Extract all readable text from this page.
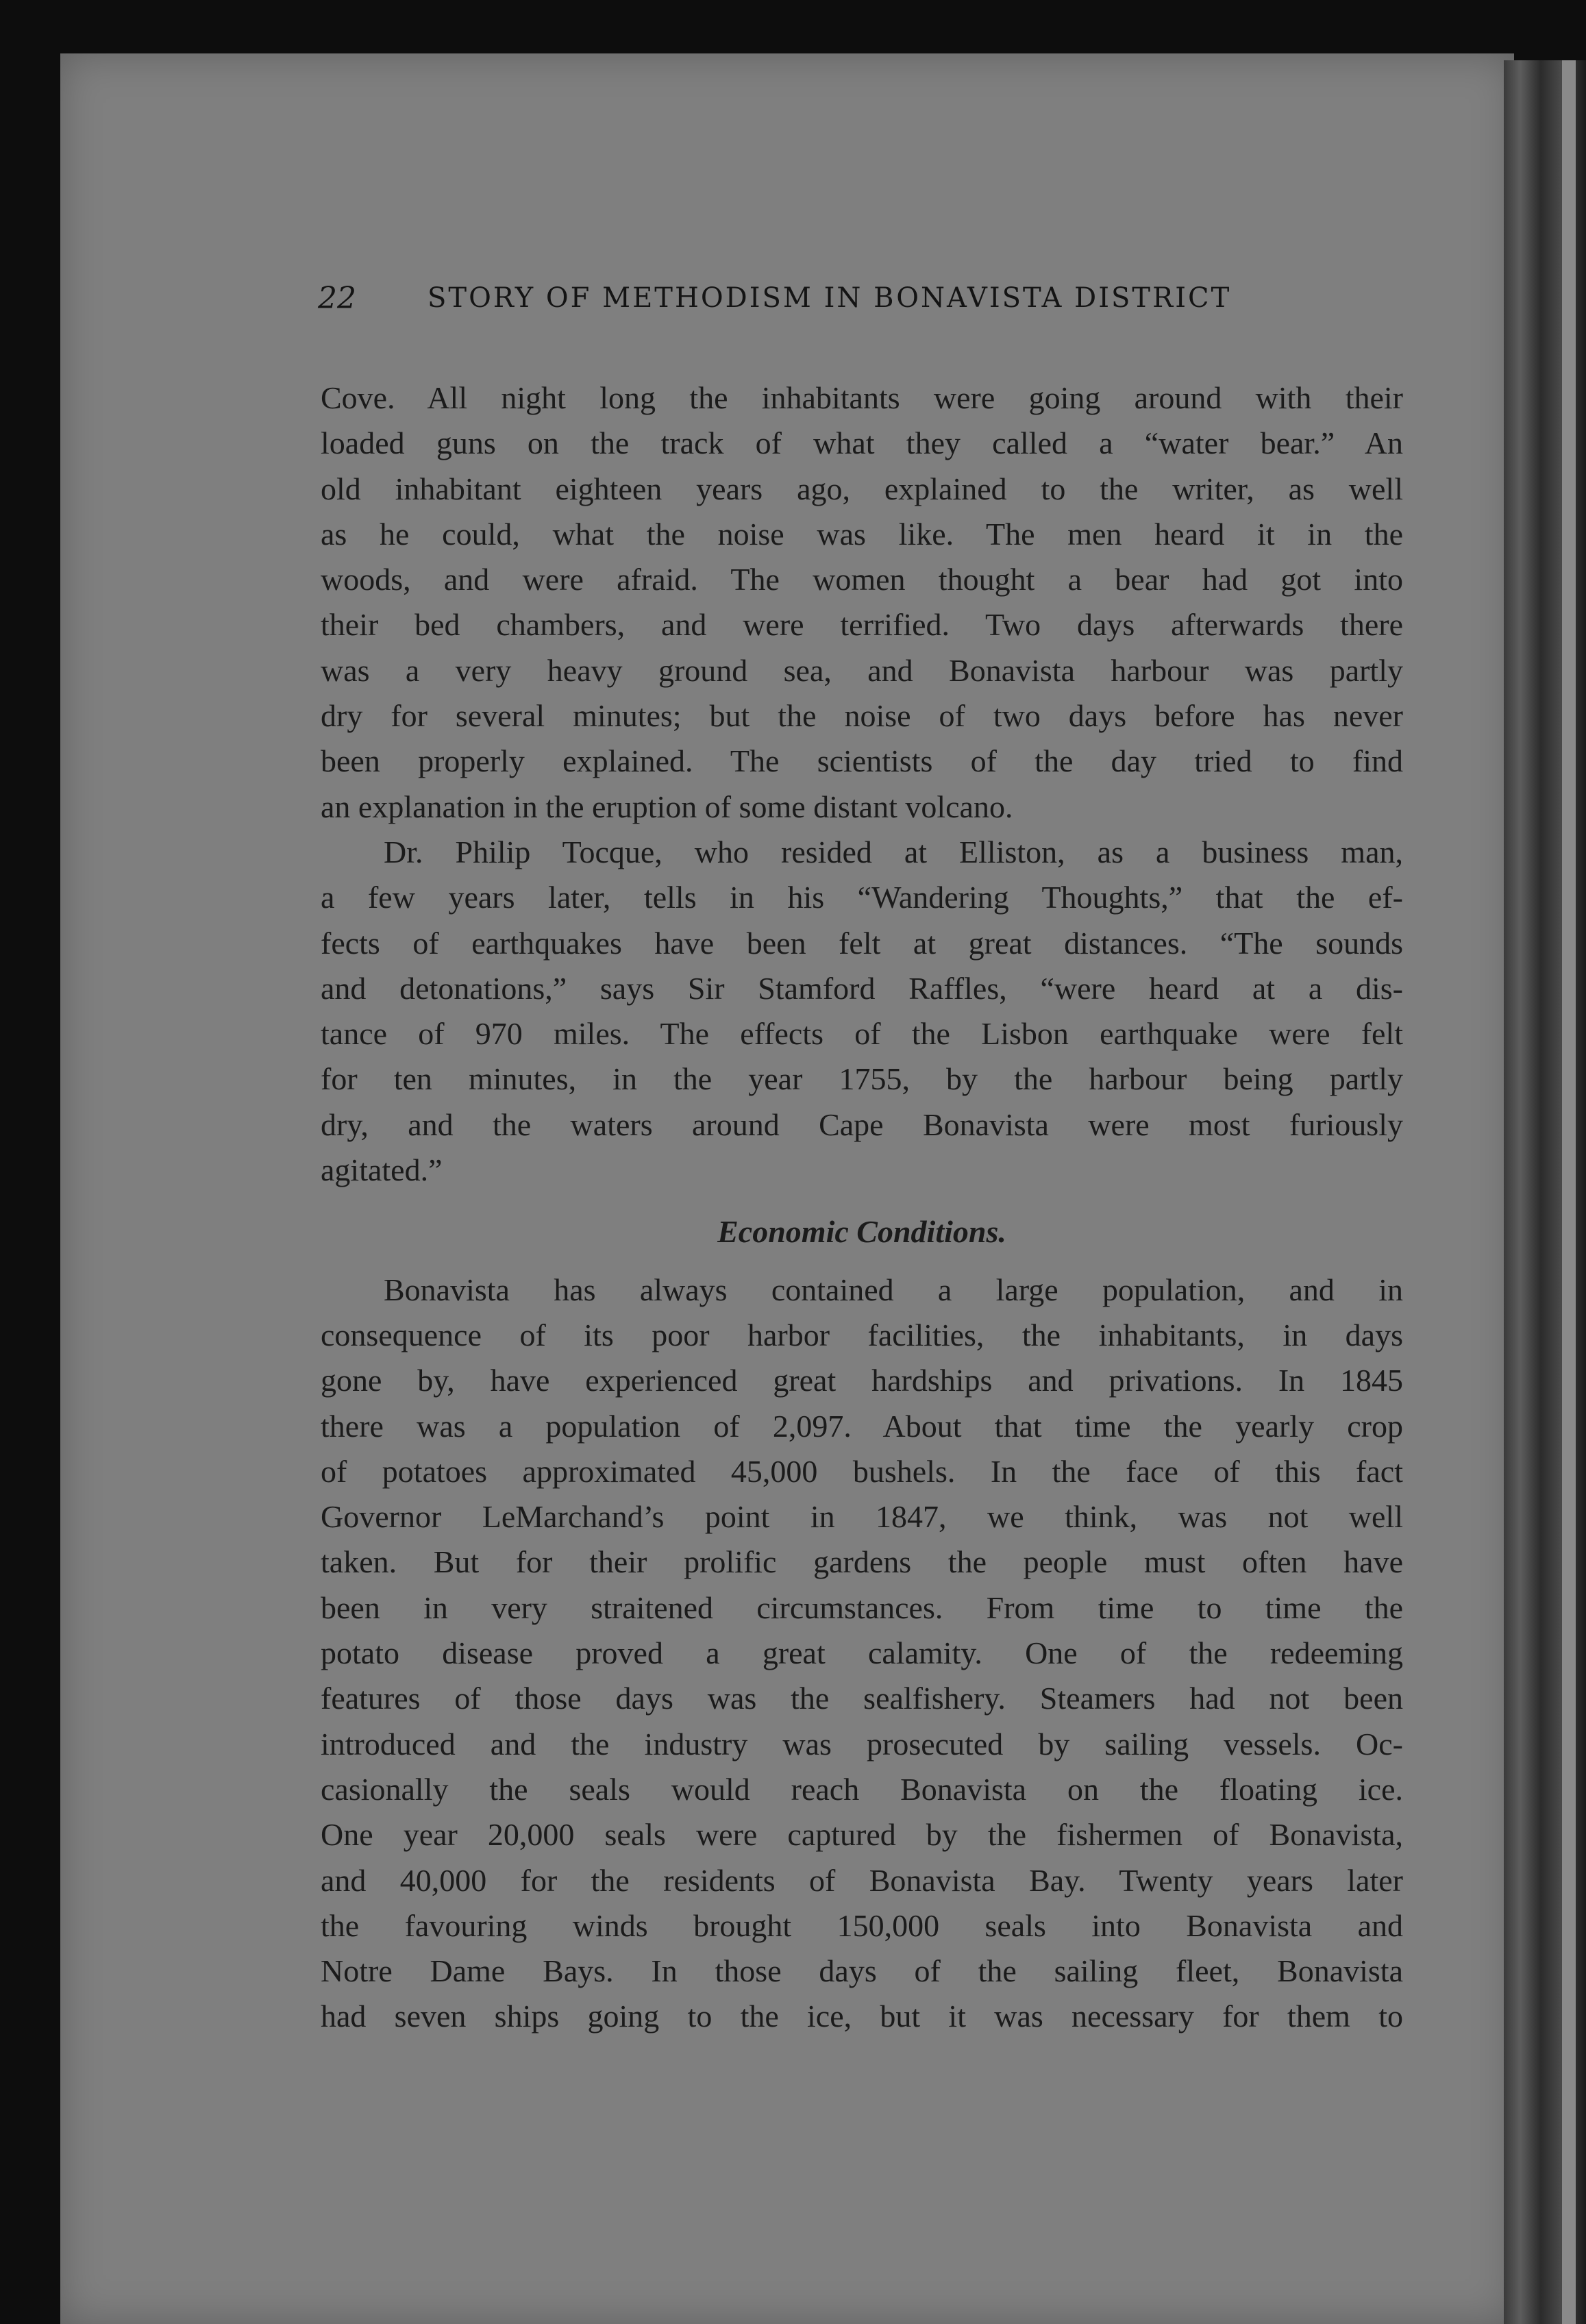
22	STORY OF METHODISM IN BONAVISTA DISTRICT
Cove. All night long the inhabitants were going around with their
loaded guns on the track of what they called a “water bear.” An
old inhabitant eighteen years ago, explained to the writer, as well
as he could, what the noise was like. The men heard it in the
woods, and were afraid. The women thought a bear had got into
their bed chambers, and were terrified. Two days afterwards there
was a very heavy ground sea, and Bonavista harbour was partly
dry for several minutes; but the noise of two days before has never
been properly explained. The scientists of the day tried to find
an explanation in the eruption of some distant volcano.
Dr. Philip Tocque, who resided at Elliston, as a business man,
a few years later, tells in his “Wandering Thoughts,” that the ef-
fects of earthquakes have been felt at great distances. “The sounds
and detonations,” says Sir Stamford Raffles, “were heard at a dis-
tance of 970 miles. The effects of the Lisbon earthquake were felt
for ten minutes, in the year 1755, by the harbour being partly
dry, and the waters around Cape Bonavista were most furiously
agitated.”
Economic Conditions.
Bonavista has always contained a large population, and in
consequence of its poor harbor facilities, the inhabitants, in days
gone by, have experienced great hardships and privations. In 1845
there was a population of 2,097. About that time the yearly crop
of potatoes approximated 45,000 bushels. In the face of this fact
Governor LeMarchand’s point in 1847, we think, was not well
taken. But for their prolific gardens the people must often have
been in very straitened circumstances. From time to time the
potato disease proved a great calamity. One of the redeeming
features of those days was the sealfishery. Steamers had not been
introduced and the industry was prosecuted by sailing vessels. Oc-
casionally the seals would reach Bonavista on the floating ice.
One year 20,000 seals were captured by the fishermen of Bonavista,
and 40,000 for the residents of Bonavista Bay. Twenty years later
the favouring winds brought 150,000 seals into Bonavista and
Notre Dame Bays. In those days of the sailing fleet, Bonavista
had seven ships going to the ice, but it was necessary for them to
